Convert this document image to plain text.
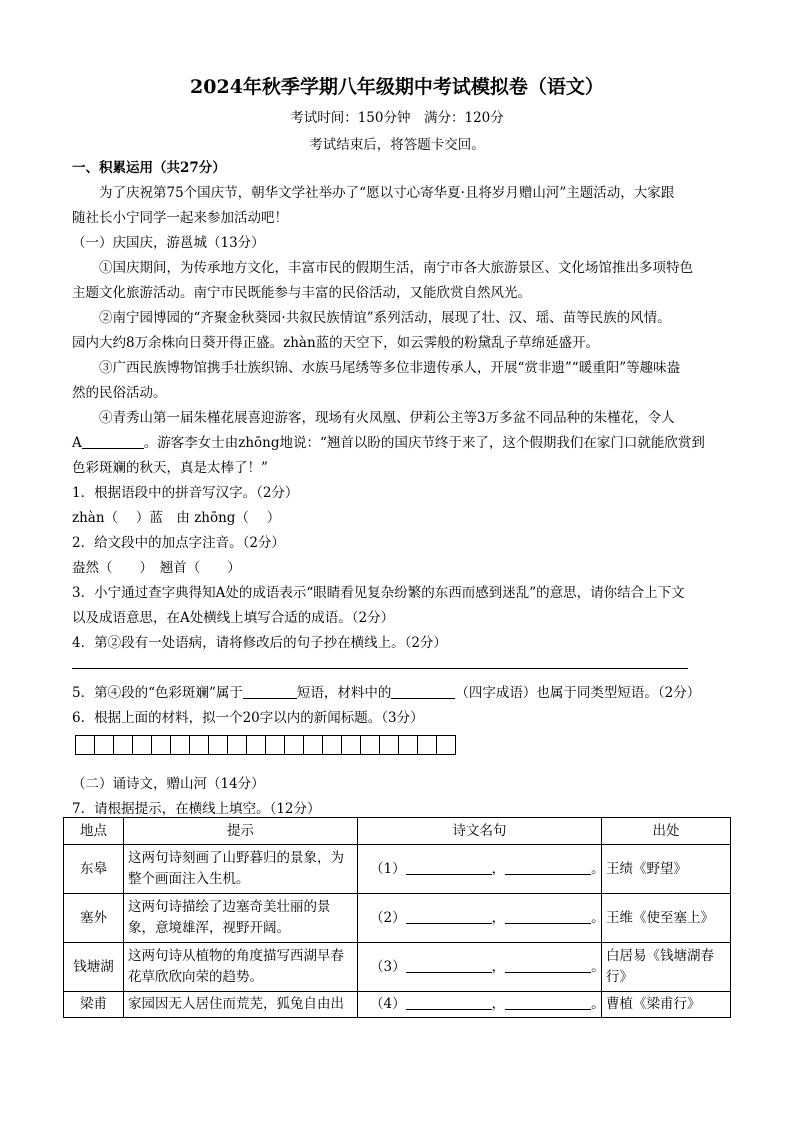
2024年秋季学期八年级期中考试模拟卷（语文）
考试时间：150分钟　满分：120分
考试结束后，将答题卡交回。
一、积累运用（共27分）
为了庆祝第75个国庆节，朝华文学社举办了“愿以寸心寄华夏·且将岁月赠山河”主题活动，大家跟
随社长小宁同学一起来参加活动吧！
（一）庆国庆，游邕城（13分）
①国庆期间，为传承地方文化，丰富市民的假期生活，南宁市各大旅游景区、文化场馆推出多项特色
主题文化旅游活动。南宁市民既能参与丰富的民俗活动，又能欣赏自然风光。
②南宁园博园的“齐聚金秋葵园·共叙民族情谊”系列活动，展现了壮、汉、瑶、苗等民族的风情。
园内大约8万余株向日葵开得正盛。zhàn蓝的天空下，如云霁般的粉黛乱子草绵延盛开。
③广西民族博物馆携手壮族织锦、水族马尾绣等多位非遗传承人，开展“赏非遗”“暖重阳”等趣味盎
然的民俗活动。
④青秀山第一届朱槿花展喜迎游客，现场有火凤凰、伊莉公主等3万多盆不同品种的朱槿花，令人
A	。游客李女士由zhōng地说：“翘首以盼的国庆节终于来了，这个假期我们在家门口就能欣赏到
色彩斑斓的秋天，真是太棒了！”
1．根据语段中的拼音写汉字。（2分）
zhàn（　 ）蓝　由 zhōng（　 ）
2．给文段中的加点字注音。（2分）
盎然（　　）　翘首（　　）
3．小宁通过查字典得知A处的成语表示“眼睛看见复杂纷繁的东西而感到迷乱”的意思，请你结合上下文
以及成语意思，在A处横线上填写合适的成语。（2分）
4．第②段有一处语病，请将修改后的句子抄在横线上。（2分）
5．第④段的“色彩斑斓”属于	短语，材料中的	（四字成语）也属于同类型短语。（2分）
6．根据上面的材料，拟一个20字以内的新闻标题。（3分）
（二）诵诗文，赠山河（14分）
7．请根据提示，在横线上填空。（12分）
地点	提示	诗文名句	出处
东皋	这两句诗刻画了山野暮归的景象，为整个画面注入生机。	（1） ， 。	王绩《野望》
塞外	这两句诗描绘了边塞奇美壮丽的景象，意境雄浑，视野开阔。	（2） ， 。	王维《使至塞上》
钱塘湖	这两句诗从植物的角度描写西湖早春花草欣欣向荣的趋势。	（3） ， 。	白居易《钱塘湖春行》
梁甫	家园因无人居住而荒芜，狐兔自由出	（4） ， 。	曹植《梁甫行》
